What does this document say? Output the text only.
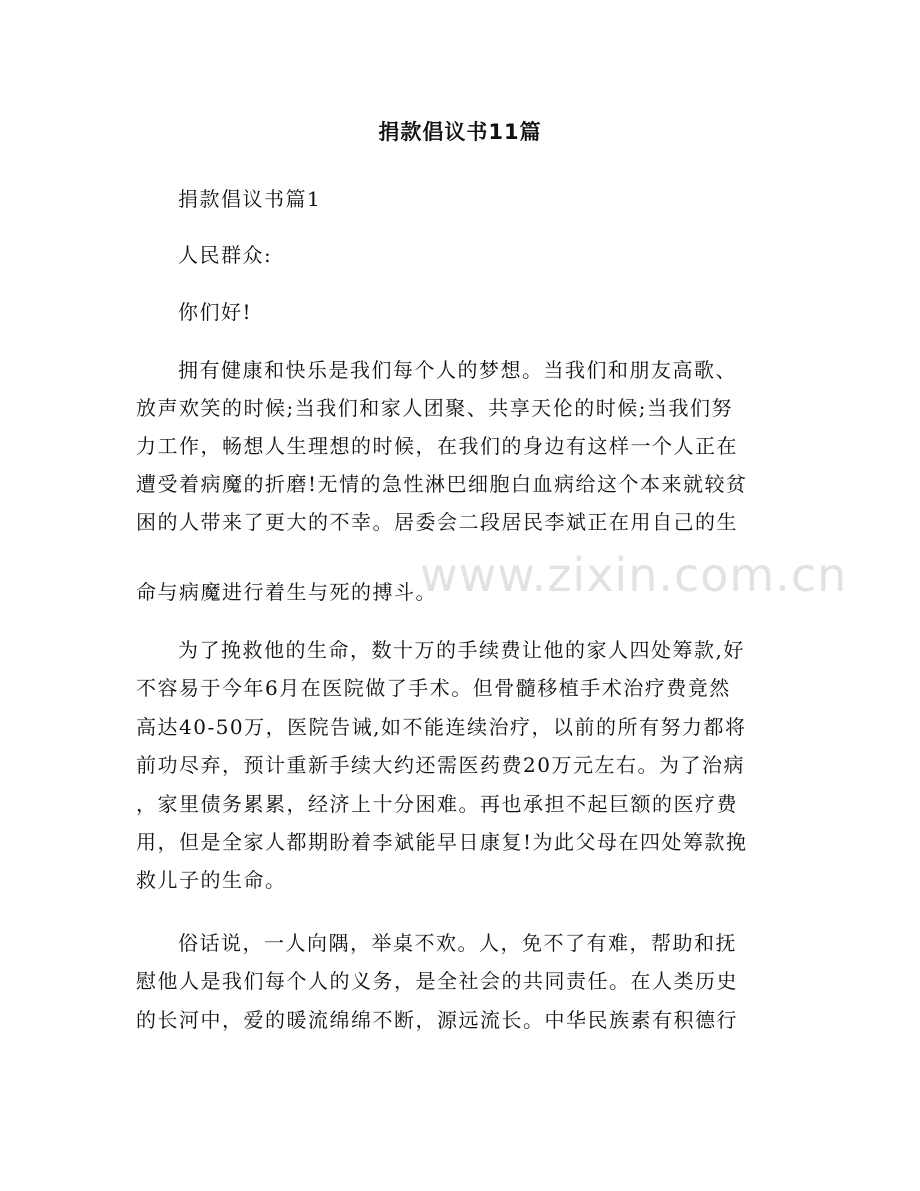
捐款倡议书11篇

捐款倡议书篇1

人民群众:

你们好!

拥有健康和快乐是我们每个人的梦想。当我们和朋友高歌、

放声欢笑的时候;当我们和家人团聚、共享天伦的时候;当我们努

力工作，畅想人生理想的时候，在我们的身边有这样一个人正在

遭受着病魔的折磨!无情的急性淋巴细胞白血病给这个本来就较贫

困的人带来了更大的不幸。居委会二段居民李斌正在用自己的生

命与病魔进行着生与死的搏斗。

为了挽救他的生命，数十万的手续费让他的家人四处筹款,好

不容易于今年6月在医院做了手术。但骨髓移植手术治疗费竟然

高达40-50万，医院告诫,如不能连续治疗，以前的所有努力都将

前功尽弃，预计重新手续大约还需医药费20万元左右。为了治病

，家里债务累累，经济上十分困难。再也承担不起巨额的医疗费

用，但是全家人都期盼着李斌能早日康复!为此父母在四处筹款挽

救儿子的生命。

俗话说，一人向隅，举桌不欢。人，免不了有难，帮助和抚

慰他人是我们每个人的义务，是全社会的共同责任。在人类历史

的长河中，爱的暖流绵绵不断，源远流长。中华民族素有积德行

www.zixin.com.cn
